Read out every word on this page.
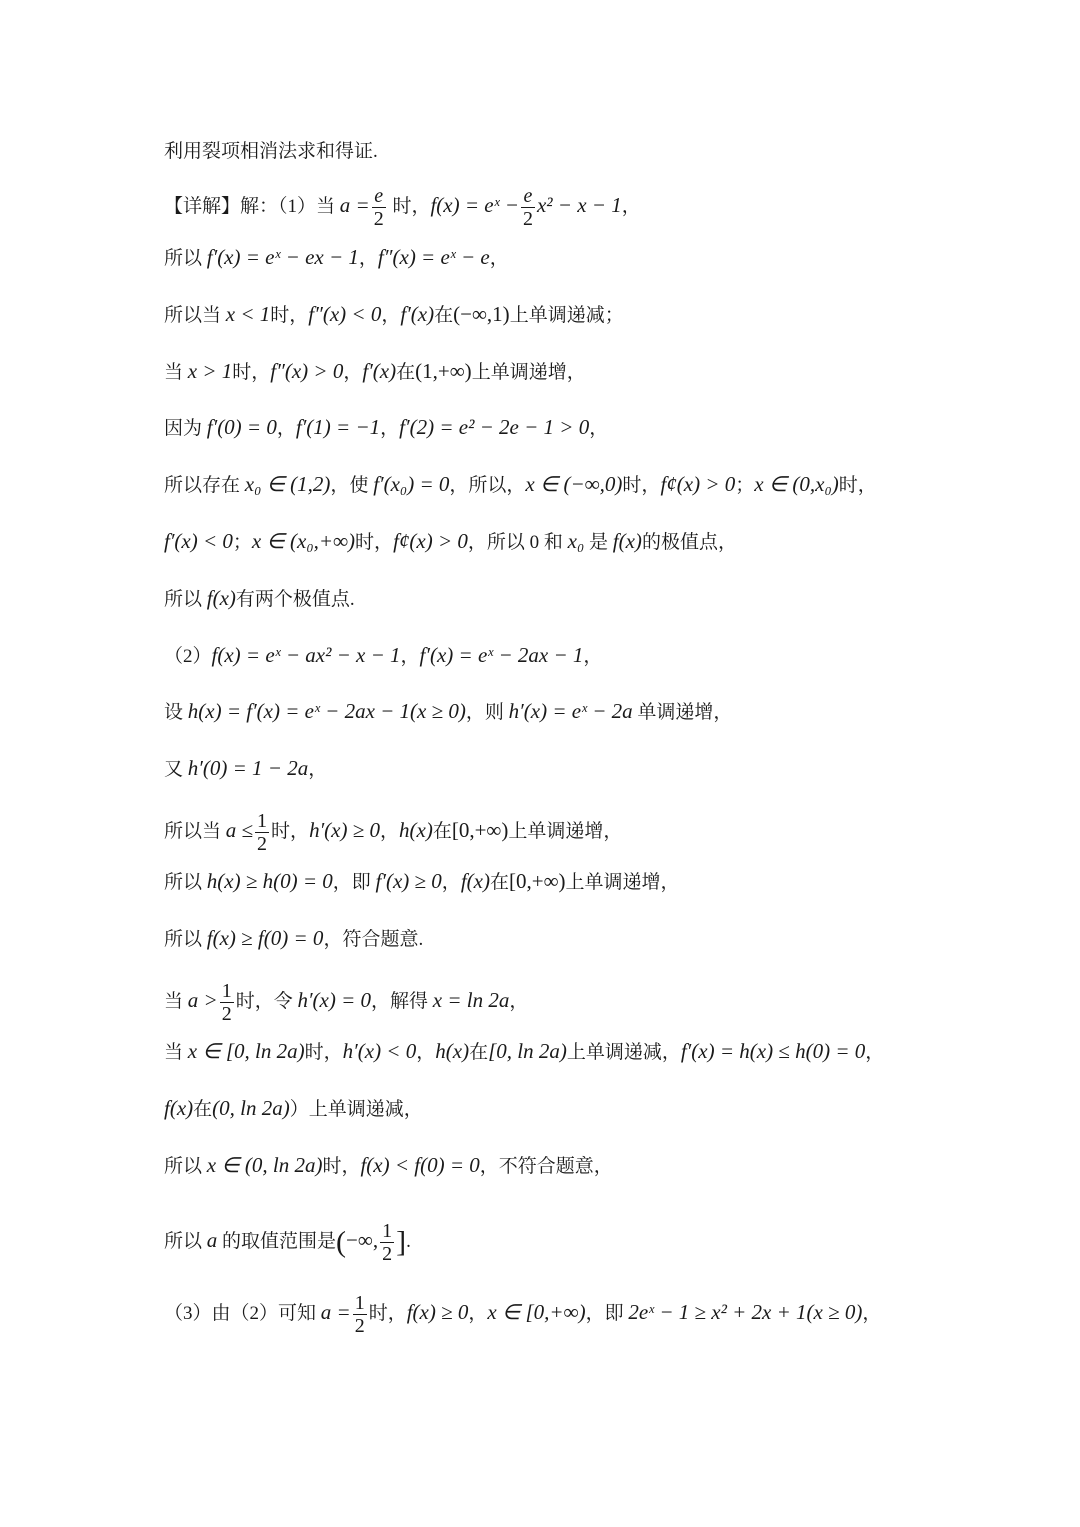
利用裂项相消法求和得证.
【详解】解：（1）当 $a = \frac{e}{2}$ 时，f(x) = eˣ − $\frac{e}{2} x^2 - x - 1$，
所以 f′(x) = eˣ − ex − 1，f″(x) = eˣ − e，
所以当 x < 1时，f″(x) < 0，f′(x)在(−∞,1)上单调递减；
当 x > 1时，f″(x) > 0，f′(x)在(1,+∞)上单调递增，
因为 f′(0) = 0，f′(1) = −1，f′(2) = e² − 2e − 1 > 0，
所以存在 x₀ ∈ (1,2)，使 f′(x₀) = 0，所以，x ∈ (−∞,0)时，f¢(x) > 0；x ∈ (0,x₀)时，
f′(x) < 0；x ∈ (x₀,+∞)时，f¢(x) > 0，所以 0 和 x₀ 是 f(x)的极值点，
所以 f(x)有两个极值点.
（2）f(x) = eˣ − ax² − x − 1，f′(x) = eˣ − 2ax − 1，
设 h(x) = f′(x) = eˣ − 2ax − 1(x ≥ 0)，则 h′(x) = eˣ − 2a 单调递增，
又 h′(0) = 1 − 2a，
所以当 $a \le \frac{1}{2}$ 时，h′(x) ≥ 0，h(x)在[0,+∞)上单调递增，
所以 h(x) ≥ h(0) = 0，即 f′(x) ≥ 0，f(x)在[0,+∞)上单调递增，
所以 f(x) ≥ f(0) = 0，符合题意.
当 $a > \frac{1}{2}$ 时，令 h′(x) = 0，解得 x = ln 2a，
当 x ∈ [0, ln 2a)时，h′(x) < 0，h(x)在[0, ln 2a)上单调递减，f′(x) = h(x) ≤ h(0) = 0，
f(x)在(0, ln 2a)）上单调递减，
所以 x ∈ (0, ln 2a)时，f(x) < f(0) = 0，不符合题意，
所以 a 的取值范围是(−∞, $\frac{1}{2}$ ].
（3）由（2）可知 $a = \frac{1}{2}$ 时，f(x) ≥ 0，x ∈ [0,+∞)，即 2eˣ − 1 ≥ x² + 2x + 1(x ≥ 0)，
